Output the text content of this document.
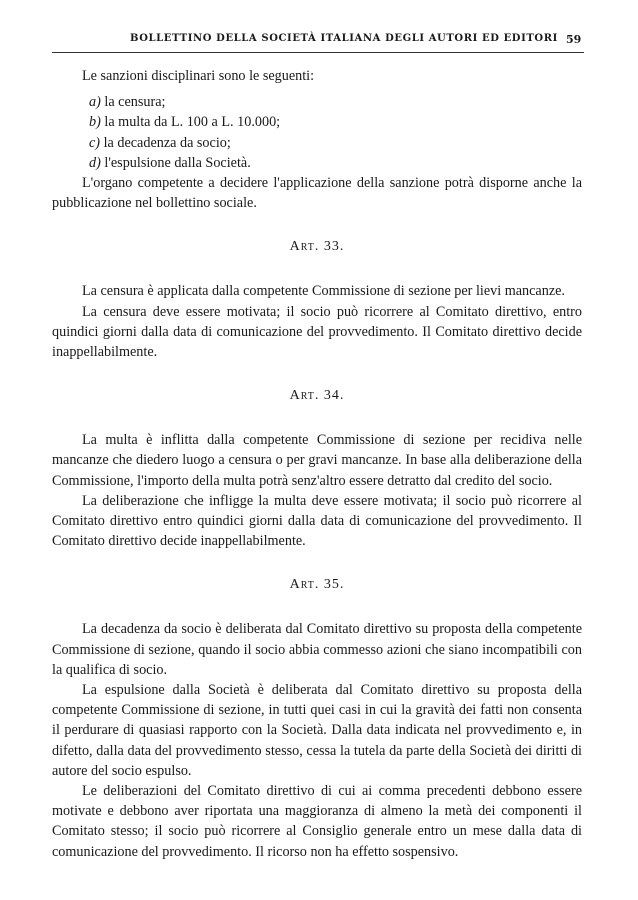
BOLLETTINO DELLA SOCIETÀ ITALIANA DEGLI AUTORI ED EDITORI 59

Le sanzioni disciplinari sono le seguenti:

a) la censura;

b) la multa da L. 100 a L. 10.000;

c) la decadenza da socio;

d) l'espulsione dalla Società.

L'organo competente a decidere l'applicazione della sanzione potrà disporne anche la pubblicazione nel bollettino sociale.

Art. 33.

La censura è applicata dalla competente Commissione di sezione per lievi mancanze.

La censura deve essere motivata; il socio può ricorrere al Comitato direttivo, entro quindici giorni dalla data di comunicazione del provvedimento. Il Comitato direttivo decide inappellabilmente.

Art. 34.

La multa è inflitta dalla competente Commissione di sezione per recidiva nelle mancanze che diedero luogo a censura o per gravi mancanze. In base alla deliberazione della Commissione, l'importo della multa potrà senz'altro essere detratto dal credito del socio.

La deliberazione che infligge la multa deve essere motivata; il socio può ricorrere al Comitato direttivo entro quindici giorni dalla data di comunicazione del provvedimento. Il Comitato direttivo decide inappellabilmente.

Art. 35.

La decadenza da socio è deliberata dal Comitato direttivo su proposta della competente Commissione di sezione, quando il socio abbia commesso azioni che siano incompatibili con la qualifica di socio.

La espulsione dalla Società è deliberata dal Comitato direttivo su proposta della competente Commissione di sezione, in tutti quei casi in cui la gravità dei fatti non consenta il perdurare di quasiasi rapporto con la Società. Dalla data indicata nel provvedimento e, in difetto, dalla data del provvedimento stesso, cessa la tutela da parte della Società dei diritti di autore del socio espulso.

Le deliberazioni del Comitato direttivo di cui ai comma precedenti debbono essere motivate e debbono aver riportata una maggioranza di almeno la metà dei componenti il Comitato stesso; il socio può ricorrere al Consiglio generale entro un mese dalla data di comunicazione del provvedimento. Il ricorso non ha effetto sospensivo.
